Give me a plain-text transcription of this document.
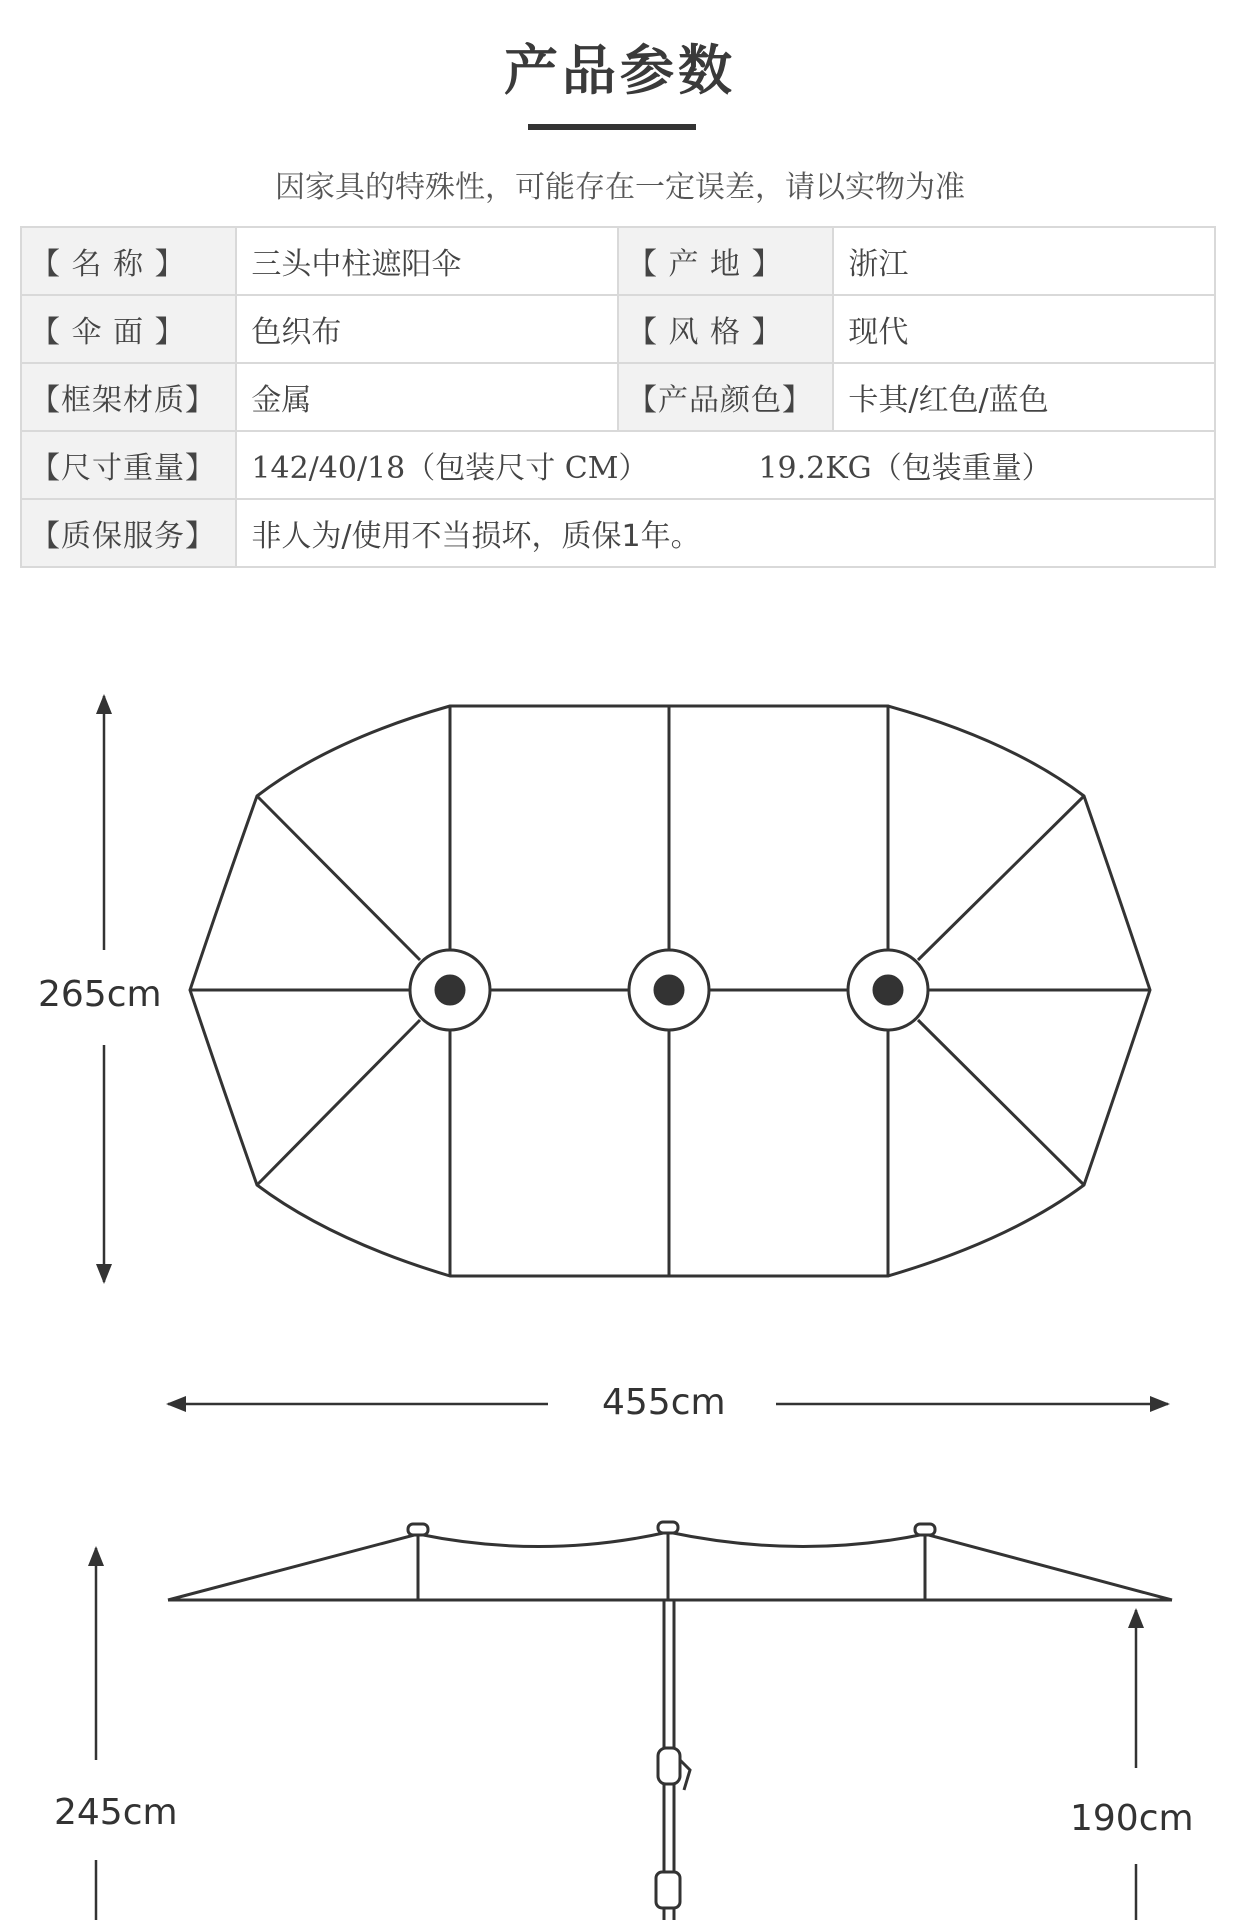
产品参数
因家具的特殊性，可能存在一定误差，请以实物为准
【 名 称 】	三头中柱遮阳伞	【 产 地 】	浙江
【 伞 面 】	色织布	【 风 格 】	现代
【框架材质】	金属	【产品颜色】	卡其/红色/蓝色
【尺寸重量】	142/40/18（包装尺寸 CM） 19.2KG（包装重量）		
【质保服务】	非人为/使用不当损坏，质保1年。		
265cm
455cm
245cm	190cm
